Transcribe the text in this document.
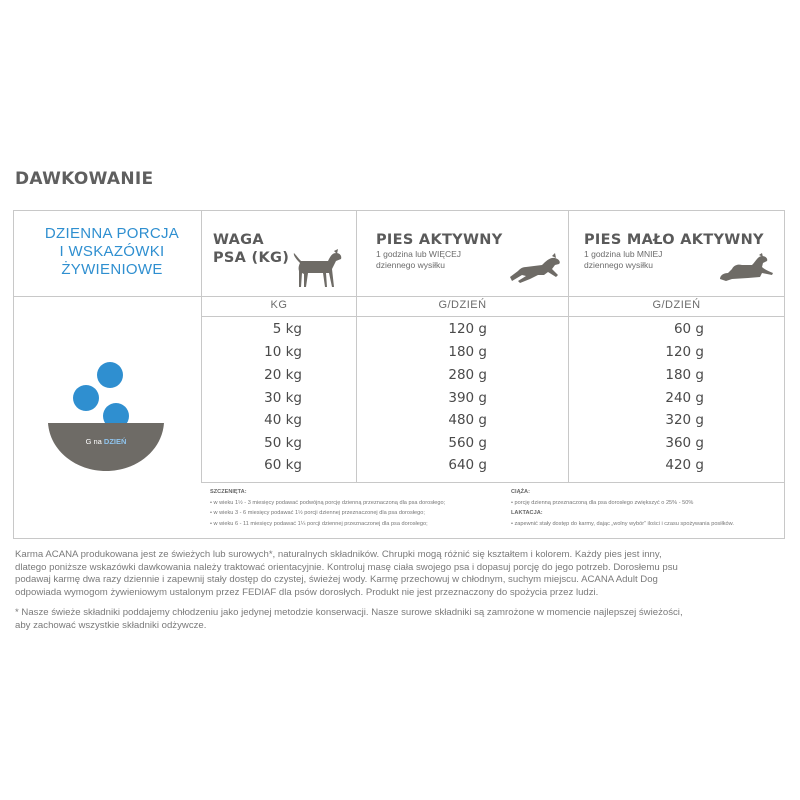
DAWKOWANIE
DZIENNA PORCJA
I WSKAZÓWKI
ŻYWIENIOWE
WAGA
PSA (KG)
PIES AKTYWNY
1 godzina lub WIĘCEJ
dziennego wysiłku
PIES MAŁO AKTYWNY
1 godzina lub MNIEJ
dziennego wysiłku
KG	G/DZIEŃ	G/DZIEŃ
G na DZIEŃ
5 kg	120 g	60 g
10 kg	180 g	120 g
20 kg	280 g	180 g
30 kg	390 g	240 g
40 kg	480 g	320 g
50 kg	560 g	360 g
60 kg	640 g	420 g
SZCZENIĘTA:
• w wieku 1½ - 3 miesięcy podawać podwójną porcję dzienną przeznaczoną dla psa dorosłego;
• w wieku 3 - 6 miesięcy podawać 1½ porcji dziennej przeznaczonej dla psa dorosłego;
• w wieku 6 - 11 miesięcy podawać 1¼ porcji dziennej przeznaczonej dla psa dorosłego;
CIĄŻA:
• porcję dzienną przeznaczoną dla psa dorosłego zwiększyć o 25% - 50%
LAKTACJA:
• zapewnić stały dostęp do karmy, dając „wolny wybór” ilości i czasu spożywania posiłków.
Karma ACANA produkowana jest ze świeżych lub surowych*, naturalnych składników. Chrupki mogą różnić się kształtem i kolorem. Każdy pies jest inny,
dlatego poniższe wskazówki dawkowania należy traktować orientacyjnie. Kontroluj masę ciała swojego psa i dopasuj porcję do jego potrzeb. Dorosłemu psu
podawaj karmę dwa razy dziennie i zapewnij stały dostęp do czystej, świeżej wody. Karmę przechowuj w chłodnym, suchym miejscu. ACANA Adult Dog
odpowiada wymogom żywieniowym ustalonym przez FEDIAF dla psów dorosłych. Produkt nie jest przeznaczony do spożycia przez ludzi.
* Nasze świeże składniki poddajemy chłodzeniu jako jedynej metodzie konserwacji. Nasze surowe składniki są zamrożone w momencie najlepszej świeżości,
aby zachować wszystkie składniki odżywcze.
